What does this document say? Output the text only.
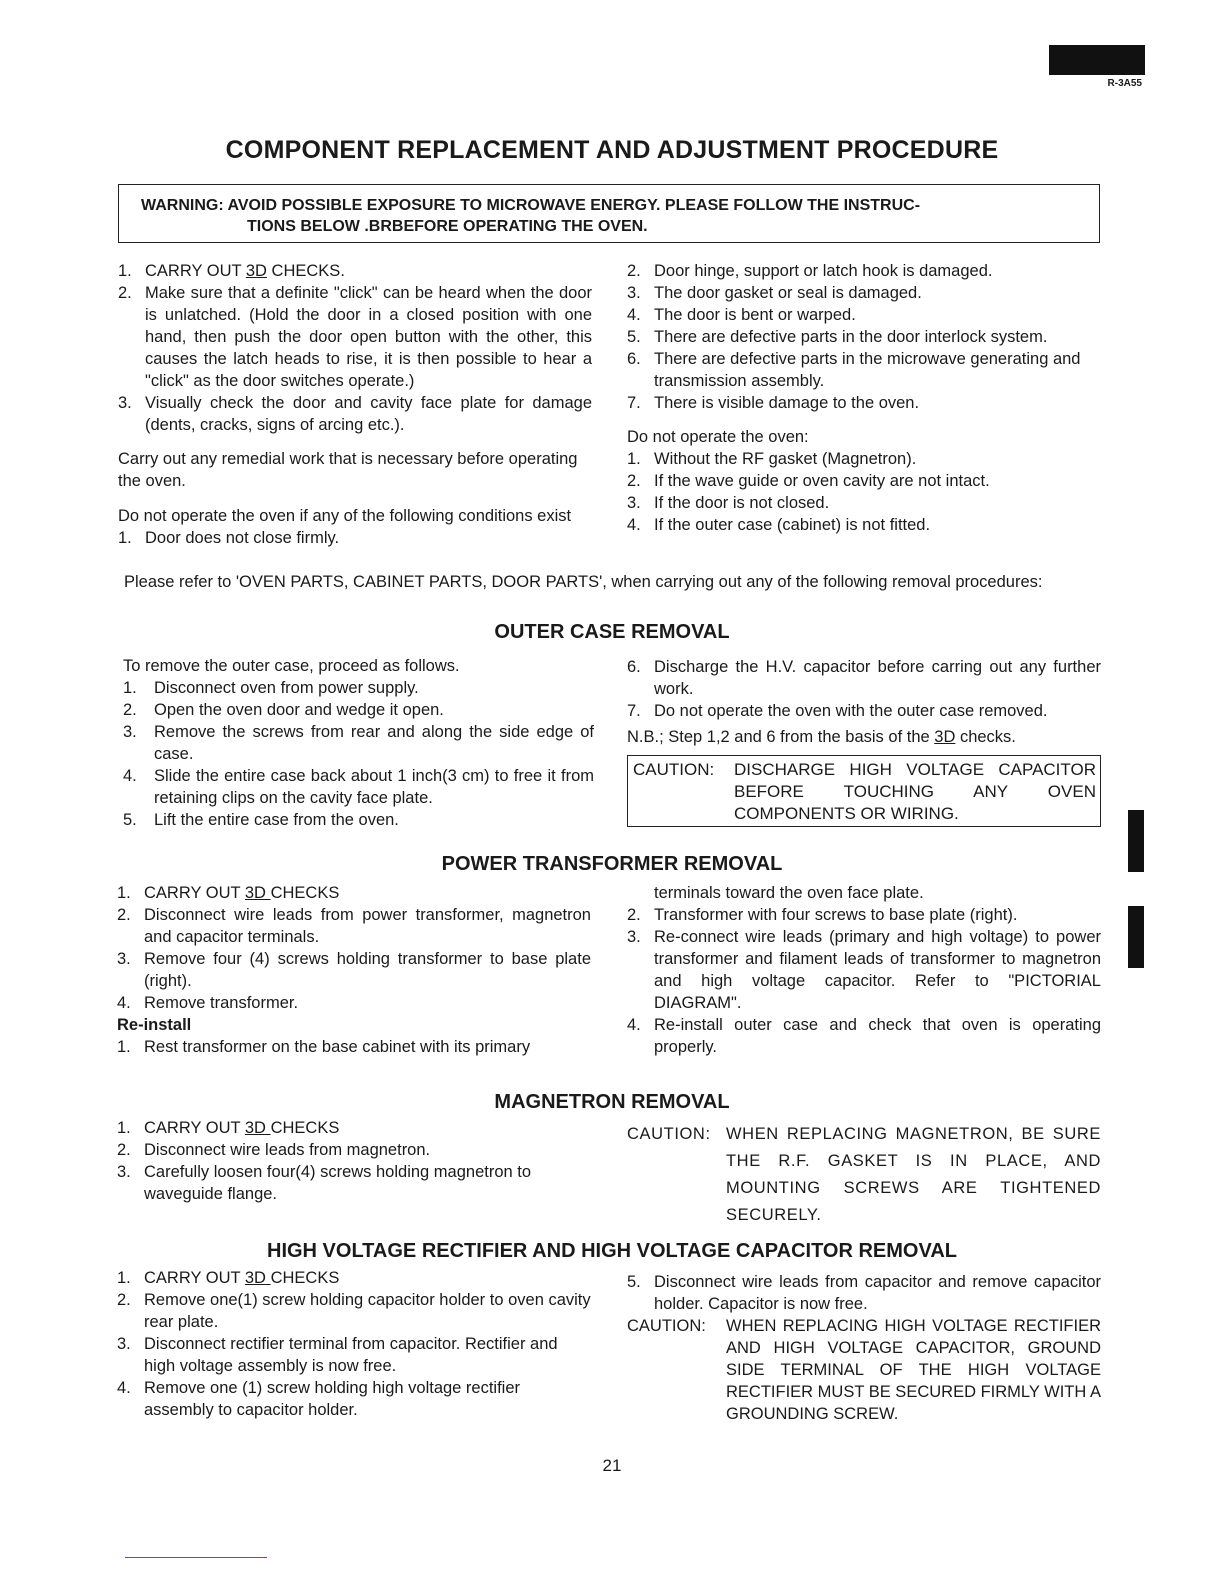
R-3A55
COMPONENT REPLACEMENT AND ADJUSTMENT PROCEDURE
WARNING: AVOID POSSIBLE EXPOSURE TO MICROWAVE ENERGY. PLEASE FOLLOW THE INSTRUC-
TIONS BELOW .BRBEFORE OPERATING THE OVEN.
1. CARRY OUT 3D CHECKS.
2. Make sure that a definite "click" can be heard when the door is unlatched. (Hold the door in a closed position with one hand, then push the door open button with the other, this causes the latch heads to rise, it is then possible to hear a "click" as the door switches operate.)
3. Visually check the door and cavity face plate for damage (dents, cracks, signs of arcing etc.).

Carry out any remedial work that is necessary before operating the oven.

Do not operate the oven if any of the following conditions exist

1. Door does not close firmly.
2. Door hinge, support or latch hook is damaged.
3. The door gasket or seal is damaged.
4. The door is bent or warped.
5. There are defective parts in the door interlock system.
6. There are defective parts in the microwave generating and transmission assembly.
7. There is visible damage to the oven.

Do not operate the oven:

1. Without the RF gasket (Magnetron).
2. If the wave guide or oven cavity are not intact.
3. If the door is not closed.
4. If the outer case (cabinet) is not fitted.
Please refer to 'OVEN PARTS, CABINET PARTS, DOOR PARTS', when carrying out any of the following removal procedures:
OUTER CASE REMOVAL

To remove the outer case, proceed as follows.

1.	Disconnect oven from power supply.
2.	Open the oven door and wedge it open.
3.	Remove the screws from rear and along the side edge of case.
4.	Slide the entire case back about 1 inch(3 cm) to free it from retaining clips on the cavity face plate.
5.	Lift the entire case from the oven.
6. Discharge the H.V. capacitor before carring out any further work.
7. Do not operate the oven with the outer case removed.

N.B.; Step 1,2 and 6 from the basis of the 3D checks.

CAUTION:	DISCHARGE HIGH VOLTAGE CAPACITOR BEFORE TOUCHING ANY OVEN COMPONENTS OR WIRING.
POWER TRANSFORMER REMOVAL
1. CARRY OUT 3D CHECKS
2. Disconnect wire leads from power transformer, magnetron and capacitor terminals.
3. Remove four (4) screws holding transformer to base plate (right).
4. Remove transformer.

Re-install

1. Rest transformer on the base cabinet with its primary

terminals toward the oven face plate.

2. Transformer with four screws to base plate (right).
3. Re-connect wire leads (primary and high voltage) to power transformer and filament leads of transformer to magnetron and high voltage capacitor. Refer to "PICTORIAL DIAGRAM".
4. Re-install outer case and check that oven is operating properly.
MAGNETRON REMOVAL
1. CARRY OUT 3D CHECKS
2. Disconnect wire leads from magnetron.
3. Carefully loosen four(4) screws holding magnetron to waveguide flange.
CAUTION: WHEN REPLACING MAGNETRON, BE SURE THE R.F. GASKET IS IN PLACE, AND MOUNTING SCREWS ARE TIGHTENED SECURELY.
HIGH VOLTAGE RECTIFIER AND HIGH VOLTAGE CAPACITOR REMOVAL
1. CARRY OUT 3D CHECKS
2. Remove one(1) screw holding capacitor holder to oven cavity rear plate.
3. Disconnect rectifier terminal from capacitor. Rectifier and high voltage assembly is now free.
4. Remove one (1) screw holding high voltage rectifier assembly to capacitor holder.
5. Disconnect wire leads from capacitor and remove capacitor holder. Capacitor is now free.
CAUTION:	WHEN REPLACING HIGH VOLTAGE RECTIFIER AND HIGH VOLTAGE CAPACITOR, GROUND SIDE TERMINAL OF THE HIGH VOLTAGE RECTIFIER MUST BE SECURED FIRMLY WITH A GROUNDING SCREW.
21
